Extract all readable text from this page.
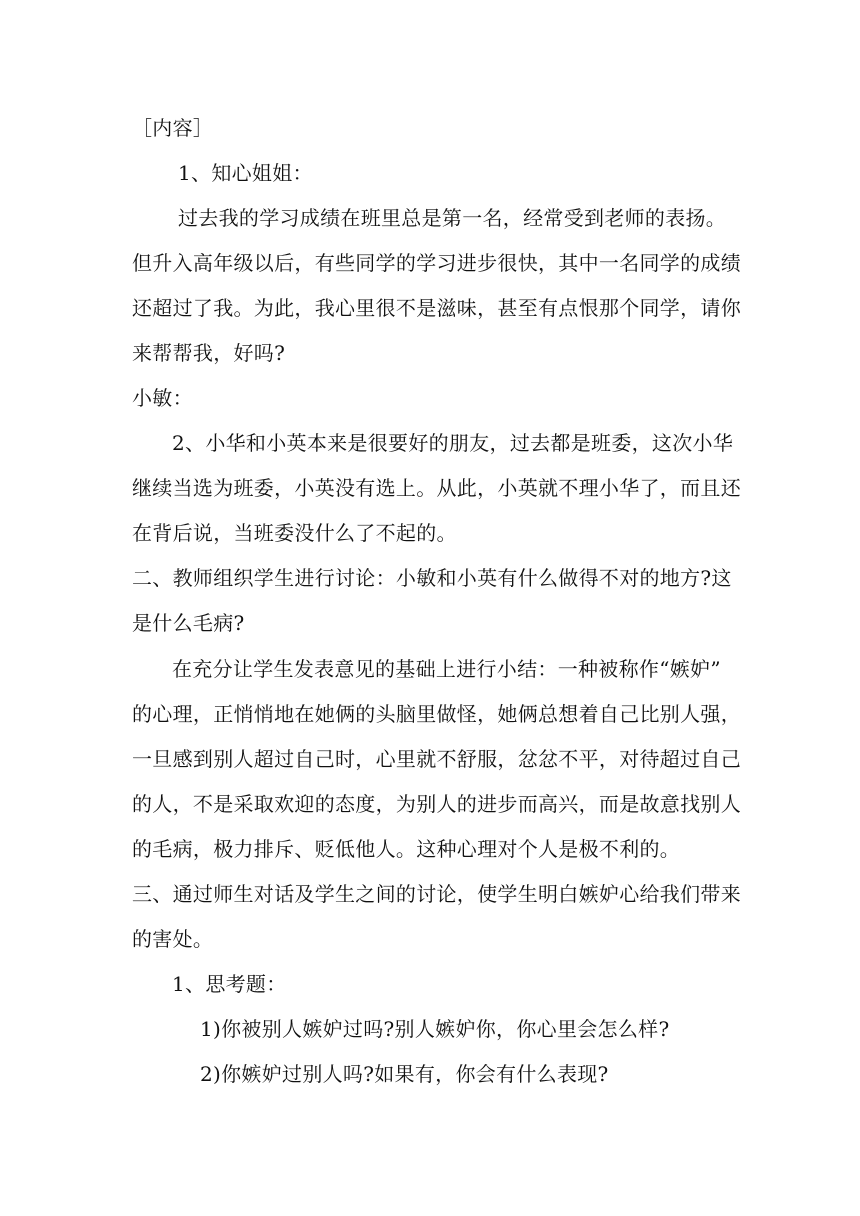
［内容］
1、知心姐姐：
过去我的学习成绩在班里总是第一名，经常受到老师的表扬。
但升入高年级以后，有些同学的学习进步很快，其中一名同学的成绩
还超过了我。为此，我心里很不是滋味，甚至有点恨那个同学，请你
来帮帮我，好吗?
小敏：
2、小华和小英本来是很要好的朋友，过去都是班委，这次小华
继续当选为班委，小英没有选上。从此，小英就不理小华了，而且还
在背后说，当班委没什么了不起的。
二、教师组织学生进行讨论：小敏和小英有什么做得不对的地方?这
是什么毛病?
在充分让学生发表意见的基础上进行小结：一种被称作“嫉妒”
的心理，正悄悄地在她俩的头脑里做怪，她俩总想着自己比别人强，
一旦感到别人超过自己时，心里就不舒服，忿忿不平，对待超过自己
的人，不是采取欢迎的态度，为别人的进步而高兴，而是故意找别人
的毛病，极力排斥、贬低他人。这种心理对个人是极不利的。
三、通过师生对话及学生之间的讨论，使学生明白嫉妒心给我们带来
的害处。
1、思考题：
1)你被别人嫉妒过吗?别人嫉妒你，你心里会怎么样?
2)你嫉妒过别人吗?如果有，你会有什么表现?
